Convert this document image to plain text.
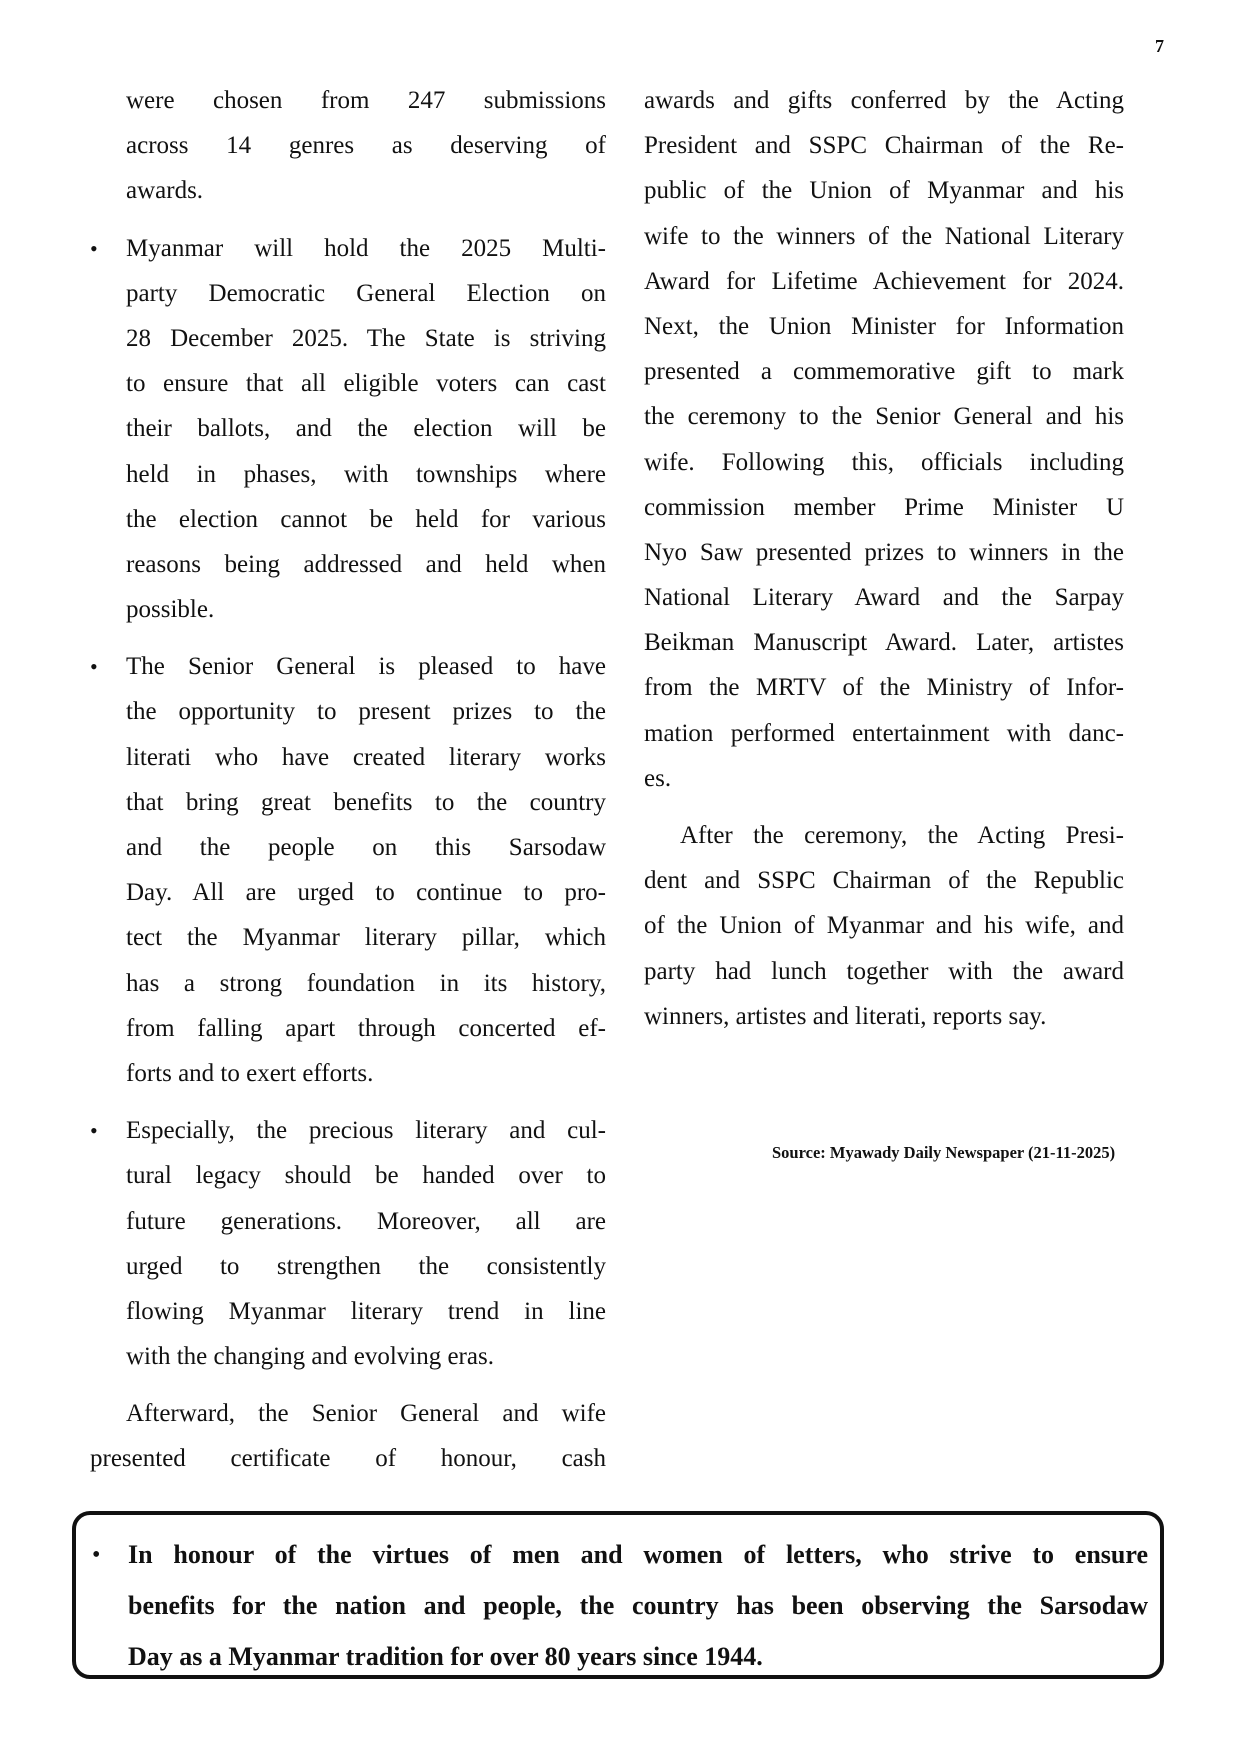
7
were chosen from 247 submissions
across 14 genres as deserving of
awards.
• Myanmar will hold the 2025 Multi-
party Democratic General Election on
28 December 2025. The State is striving
to ensure that all eligible voters can cast
their ballots, and the election will be
held in phases, with townships where
the election cannot be held for various
reasons being addressed and held when
possible.
• The Senior General is pleased to have
the opportunity to present prizes to the
literati who have created literary works
that bring great benefits to the country
and the people on this Sarsodaw
Day. All are urged to continue to pro-
tect the Myanmar literary pillar, which
has a strong foundation in its history,
from falling apart through concerted ef-
forts and to exert efforts.
• Especially, the precious literary and cul-
tural legacy should be handed over to
future generations. Moreover, all are
urged to strengthen the consistently
flowing Myanmar literary trend in line
with the changing and evolving eras.
Afterward, the Senior General and wife
presented certificate of honour, cash
awards and gifts conferred by the Acting
President and SSPC Chairman of the Re-
public of the Union of Myanmar and his
wife to the winners of the National Literary
Award for Lifetime Achievement for 2024.
Next, the Union Minister for Information
presented a commemorative gift to mark
the ceremony to the Senior General and his
wife. Following this, officials including
commission member Prime Minister U
Nyo Saw presented prizes to winners in the
National Literary Award and the Sarpay
Beikman Manuscript Award. Later, artistes
from the MRTV of the Ministry of Infor-
mation performed entertainment with danc-
es.
After the ceremony, the Acting Presi-
dent and SSPC Chairman of the Republic
of the Union of Myanmar and his wife, and
party had lunch together with the award
winners, artistes and literati, reports say.
Source: Myawady Daily Newspaper (21-11-2025)
• In honour of the virtues of men and women of letters, who strive to ensure
benefits for the nation and people, the country has been observing the Sarsodaw
Day as a Myanmar tradition for over 80 years since 1944.
